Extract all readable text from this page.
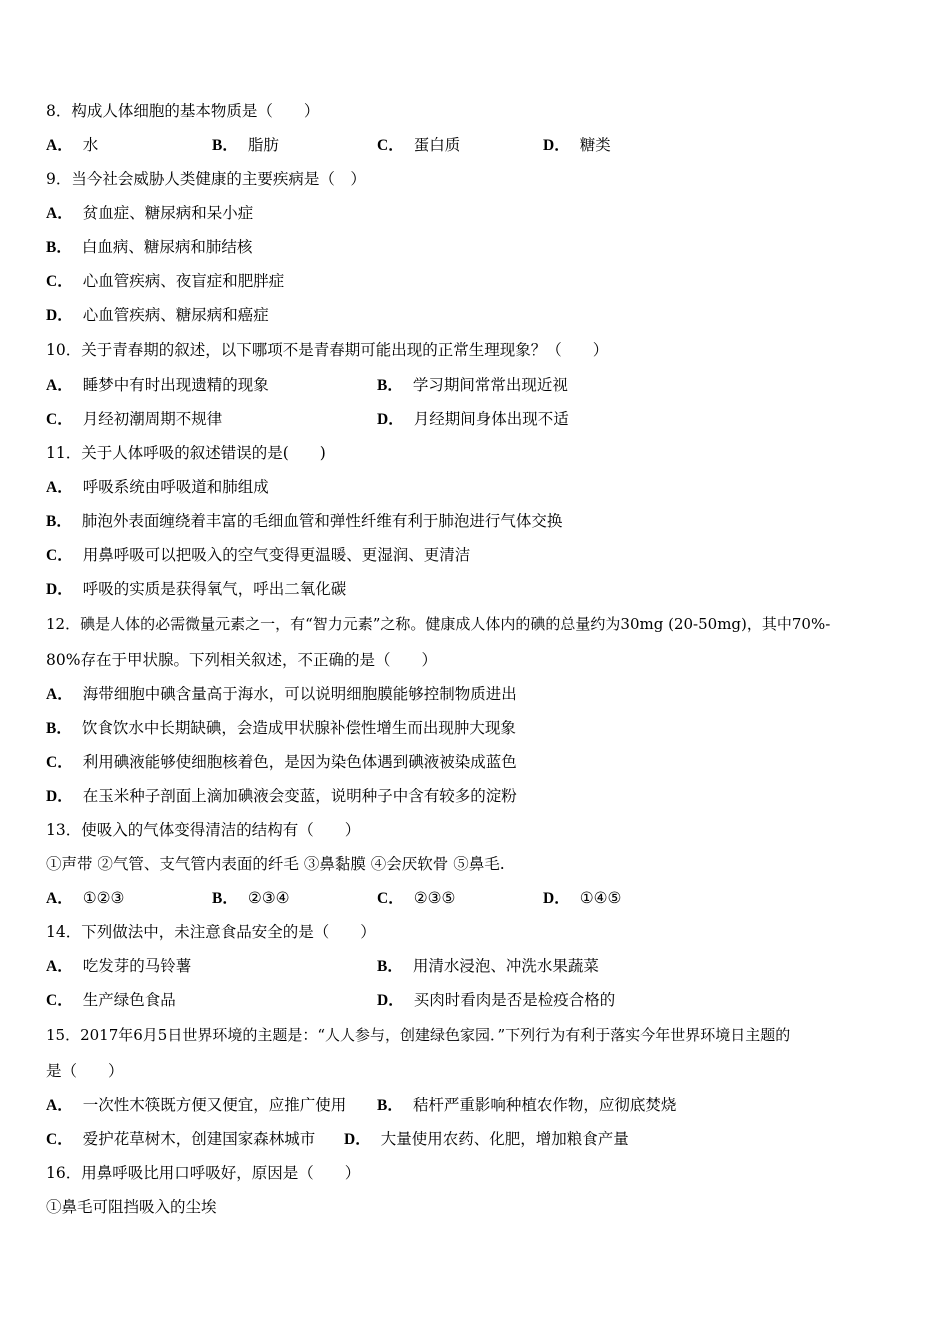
8．构成人体细胞的基本物质是（　　）
A． 水	B． 脂肪	C． 蛋白质	D． 糖类
9．当今社会威胁人类健康的主要疾病是（　）
A． 贫血症、糖尿病和呆小症
B． 白血病、糖尿病和肺结核
C． 心血管疾病、夜盲症和肥胖症
D． 心血管疾病、糖尿病和癌症
10．关于青春期的叙述，以下哪项不是青春期可能出现的正常生理现象？（　　）
A． 睡梦中有时出现遗精的现象	B． 学习期间常常出现近视
C． 月经初潮周期不规律	D． 月经期间身体出现不适
11．关于人体呼吸的叙述错误的是(　　)
A． 呼吸系统由呼吸道和肺组成
B． 肺泡外表面缠绕着丰富的毛细血管和弹性纤维有利于肺泡进行气体交换
C． 用鼻呼吸可以把吸入的空气变得更温暖、更湿润、更清洁
D． 呼吸的实质是获得氧气，呼出二氧化碳
12．碘是人体的必需微量元素之一，有“智力元素”之称。健康成人体内的碘的总量约为30mg (20-50mg)，其中70%-
80%存在于甲状腺。下列相关叙述，不正确的是（　　）
A． 海带细胞中碘含量高于海水，可以说明细胞膜能够控制物质进出
B． 饮食饮水中长期缺碘，会造成甲状腺补偿性增生而出现肿大现象
C． 利用碘液能够使细胞核着色，是因为染色体遇到碘液被染成蓝色
D． 在玉米种子剖面上滴加碘液会变蓝，说明种子中含有较多的淀粉
13．使吸入的气体变得清洁的结构有（　　）
①声带 ②气管、支气管内表面的纤毛 ③鼻黏膜 ④会厌软骨 ⑤鼻毛.
A． ①②③	B． ②③④	C． ②③⑤	D． ①④⑤
14．下列做法中，未注意食品安全的是（　　）
A． 吃发芽的马铃薯	B． 用清水浸泡、冲洗水果蔬菜
C． 生产绿色食品	D． 买肉时看肉是否是检疫合格的
15．2017年6月5日世界环境的主题是：“人人参与，创建绿色家园．”下列行为有利于落实今年世界环境日主题的
是（　　）
A． 一次性木筷既方便又便宜，应推广使用 B． 秸杆严重影响种植农作物，应彻底焚烧
C． 爱护花草树木，创建国家森林城市 D． 大量使用农药、化肥，增加粮食产量
16．用鼻呼吸比用口呼吸好，原因是（　　）
①鼻毛可阻挡吸入的尘埃
